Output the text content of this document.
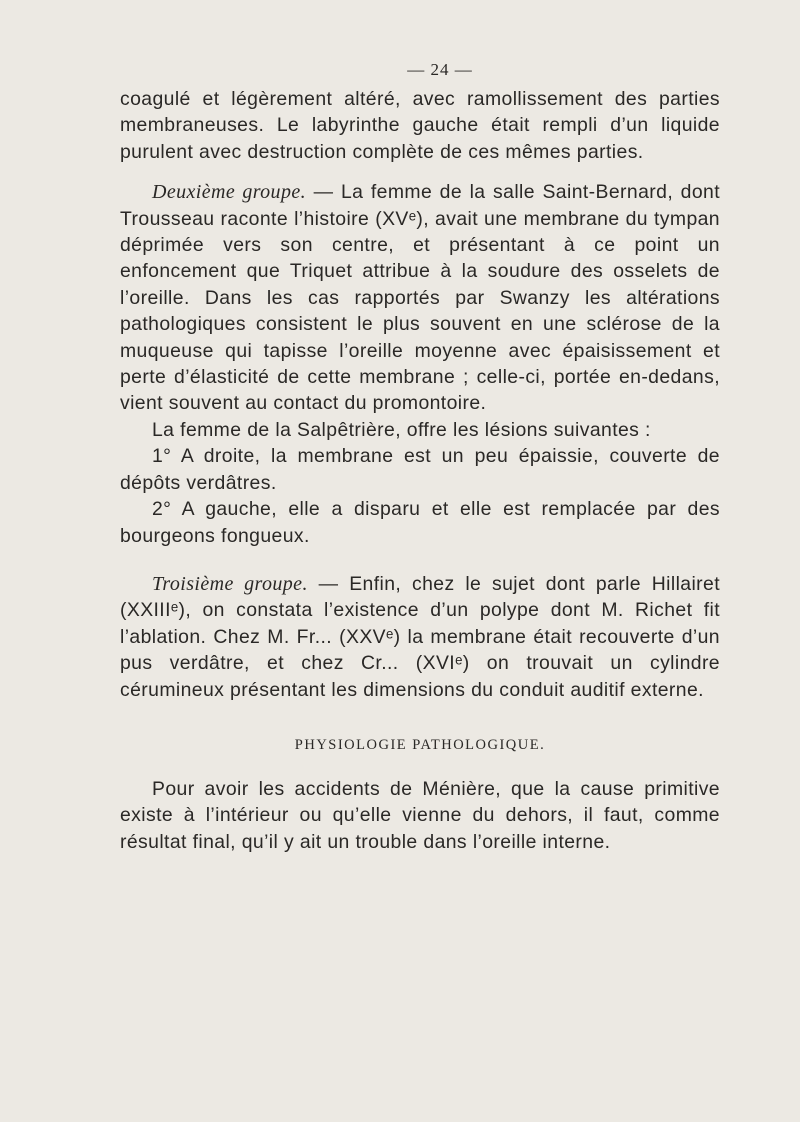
— 24 —

coagulé et légèrement altéré, avec ramollissement des parties membraneuses. Le labyrinthe gauche était rempli d’un liquide purulent avec destruction complète de ces mêmes parties.

Deuxième groupe. — La femme de la salle Saint-Bernard, dont Trousseau raconte l’histoire (XVᵉ), avait une membrane du tympan déprimée vers son centre, et présentant à ce point un enfoncement que Triquet attribue à la soudure des osselets de l’oreille. Dans les cas rapportés par Swanzy les altérations pathologiques consistent le plus souvent en une sclérose de la muqueuse qui tapisse l’oreille moyenne avec épaisissement et perte d’élasticité de cette membrane ; celle-ci, portée en-dedans, vient souvent au contact du promontoire.

La femme de la Salpêtrière, offre les lésions suivantes :

1° A droite, la membrane est un peu épaissie, couverte de dépôts verdâtres.

2° A gauche, elle a disparu et elle est remplacée par des bourgeons fongueux.

Troisième groupe. — Enfin, chez le sujet dont parle Hillairet (XXIIIᵉ), on constata l’existence d’un polype dont M. Richet fit l’ablation. Chez M. Fr... (XXVᵉ) la membrane était recouverte d’un pus verdâtre, et chez Cr... (XVIᵉ) on trouvait un cylindre cérumineux présentant les dimensions du conduit auditif externe.

PHYSIOLOGIE PATHOLOGIQUE.

Pour avoir les accidents de Ménière, que la cause primitive existe à l’intérieur ou qu’elle vienne du dehors, il faut, comme résultat final, qu’il y ait un trouble dans l’oreille interne.
